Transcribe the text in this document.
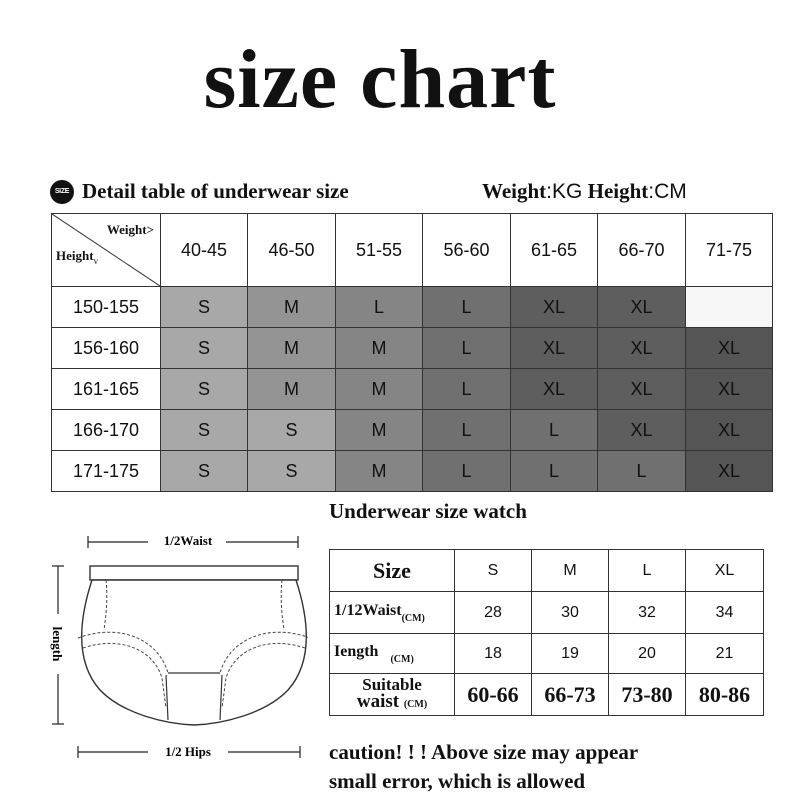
size chart
SIZE Detail table of underwear size	Weight:KG Height:CM
Weight>
Height$_v$	40-45	46-50	51-55	56-60	61-65	66-70	71-75
150-155	S	M	L	L	XL	XL	
156-160	S	M	M	L	XL	XL	XL
161-165	S	M	M	L	XL	XL	XL
166-170	S	S	M	L	L	XL	XL
171-175	S	S	M	L	L	L	XL
Underwear size watch
1/2Waist
length
1/2 Hips
Size	S	M	L	XL
1/12Waist$_{(CM)}$	28	30	32	34
Iength $_{(CM)}$	18	19	20	21

Suitable
waist (CM)	60-66	66-73	73-80	80-86
caution! ! ! Above size may appear
small error, which is allowed
